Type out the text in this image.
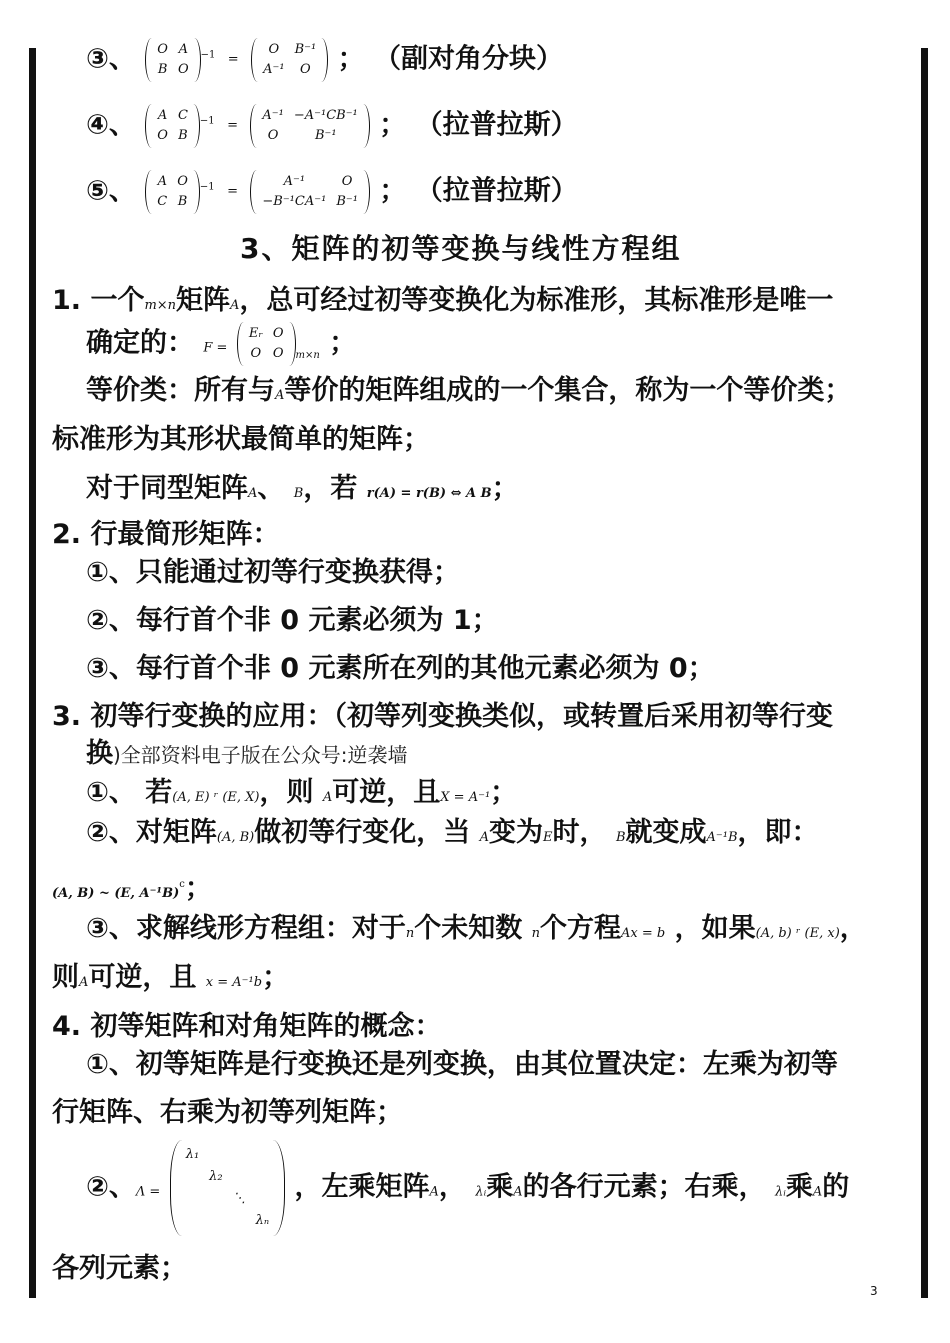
③、 O	A
B	O
$^{-1}$ =
O	B⁻¹
A⁻¹	O ； （副对角分块）
④、 A	C
O	B
$^{-1}$ =
A⁻¹	−A⁻¹CB⁻¹
O	B⁻¹ ； （拉普拉斯）
⑤、 A	O
C	B
$^{-1}$ =
A⁻¹	O
−B⁻¹CA⁻¹	B⁻¹ ； （拉普拉斯）
3、矩阵的初等变换与线性方程组
1. 一个m×n矩阵A，总可经过初等变换化为标准形，其标准形是唯一
确定的： F =
Eᵣ	O
O	O $_{m\times n}$ ；
等价类：所有与A等价的矩阵组成的一个集合，称为一个等价类；
标准形为其形状最简单的矩阵；
对于同型矩阵A、 B，若 r(A) = r(B) ⇔ A B；
2. 行最简形矩阵：
①、只能通过初等行变换获得；
②、每行首个非 0 元素必须为 1；
③、每行首个非 0 元素所在列的其他元素必须为 0；
3. 初等行变换的应用：（初等列变换类似，或转置后采用初等行变
换)全部资料电子版在公众号:逆袭墙
①、 若(A, E) ʳ (E, X)，则 A可逆，且X = A⁻¹；
②、对矩阵(A, B)做初等行变化，当 A变为E时， B就变成A⁻¹B，即：
(A, B) ~ (E, A⁻¹B)$^c$；
③、求解线形方程组：对于n个未知数 n个方程Ax = b ，如果(A, b) ʳ (E, x)，
则A可逆，且 x = A⁻¹b；
4. 初等矩阵和对角矩阵的概念：
①、初等矩阵是行变换还是列变换，由其位置决定：左乘为初等
行矩阵、右乘为初等列矩阵；
②、Λ =
λ₁			
	λ₂		
		⋱	
			λₙ
，左乘矩阵A， λᵢ乘A的各行元素；右乘， λᵢ乘A的
各列元素；
3
